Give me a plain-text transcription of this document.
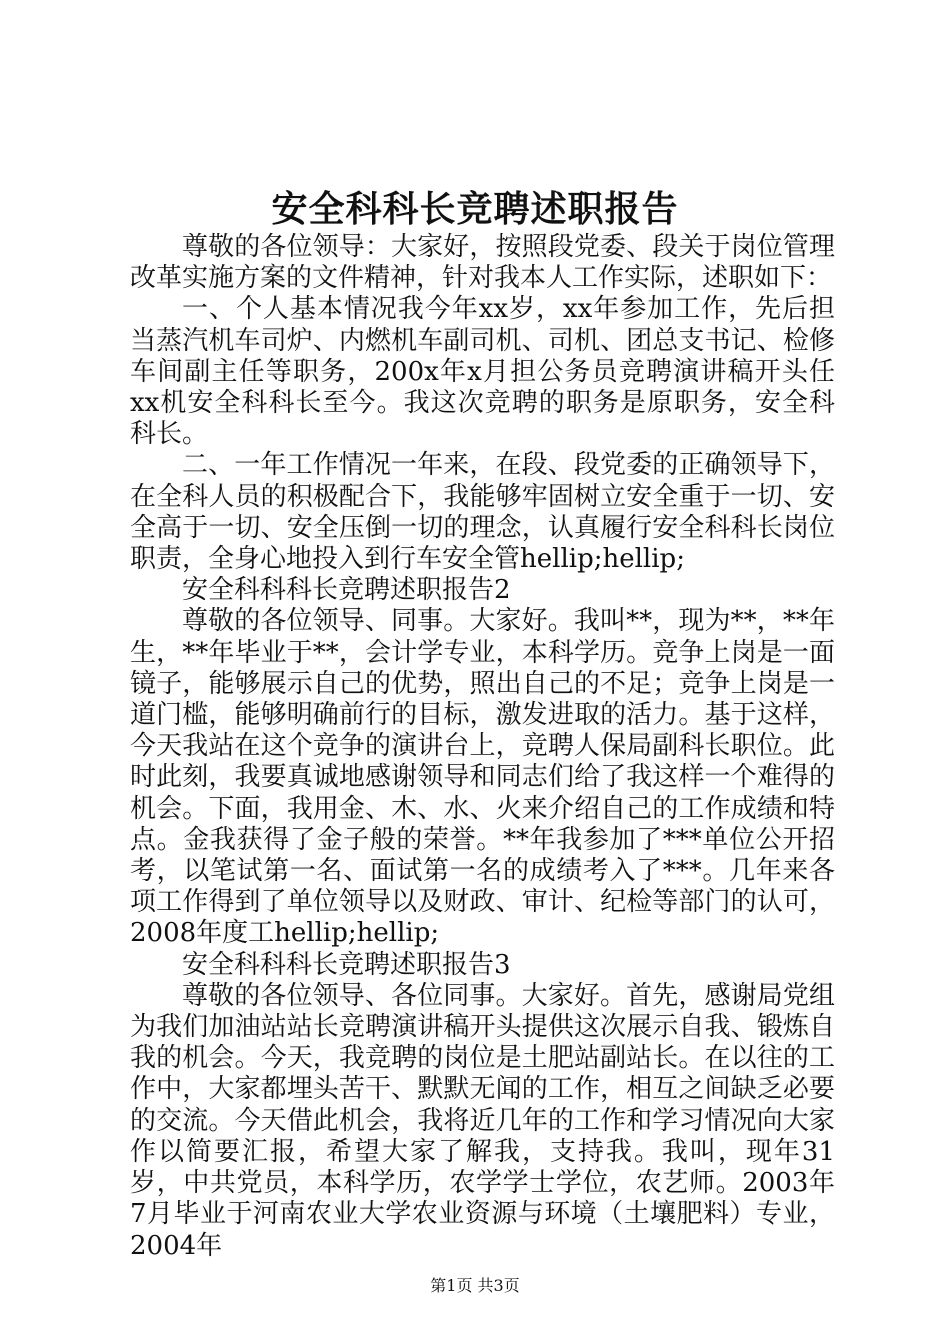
安全科科长竞聘述职报告

尊敬的各位领导：大家好，按照段党委、段关于岗位管理改革实施方案的文件精神，针对我本人工作实际，述职如下：

一、个人基本情况我今年xx岁，xx年参加工作，先后担当蒸汽机车司炉、内燃机车副司机、司机、团总支书记、检修车间副主任等职务，200x年x月担公务员竞聘演讲稿开头任xx机安全科科长至今。我这次竞聘的职务是原职务，安全科科长。

二、一年工作情况一年来，在段、段党委的正确领导下，在全科人员的积极配合下，我能够牢固树立安全重于一切、安全高于一切、安全压倒一切的理念，认真履行安全科科长岗位职责，全身心地投入到行车安全管hellip;hellip;

安全科科科长竞聘述职报告2

尊敬的各位领导、同事。大家好。我叫**，现为**，**年生，**年毕业于**，会计学专业，本科学历。竞争上岗是一面镜子，能够展示自己的优势，照出自己的不足；竞争上岗是一道门槛，能够明确前行的目标，激发进取的活力。基于这样，今天我站在这个竞争的演讲台上，竞聘人保局副科长职位。此时此刻，我要真诚地感谢领导和同志们给了我这样一个难得的机会。下面，我用金、木、水、火来介绍自己的工作成绩和特点。金我获得了金子般的荣誉。**年我参加了***单位公开招考，以笔试第一名、面试第一名的成绩考入了***。几年来各项工作得到了单位领导以及财政、审计、纪检等部门的认可，2008年度工hellip;hellip;

安全科科科长竞聘述职报告3

尊敬的各位领导、各位同事。大家好。首先，感谢局党组为我们加油站站长竞聘演讲稿开头提供这次展示自我、锻炼自我的机会。今天，我竞聘的岗位是土肥站副站长。在以往的工作中，大家都埋头苦干、默默无闻的工作，相互之间缺乏必要的交流。今天借此机会，我将近几年的工作和学习情况向大家作以简要汇报，希望大家了解我，支持我。我叫，现年31岁，中共党员，本科学历，农学学士学位，农艺师。2003年7月毕业于河南农业大学农业资源与环境（土壤肥料）专业，2004年

第1页 共3页
